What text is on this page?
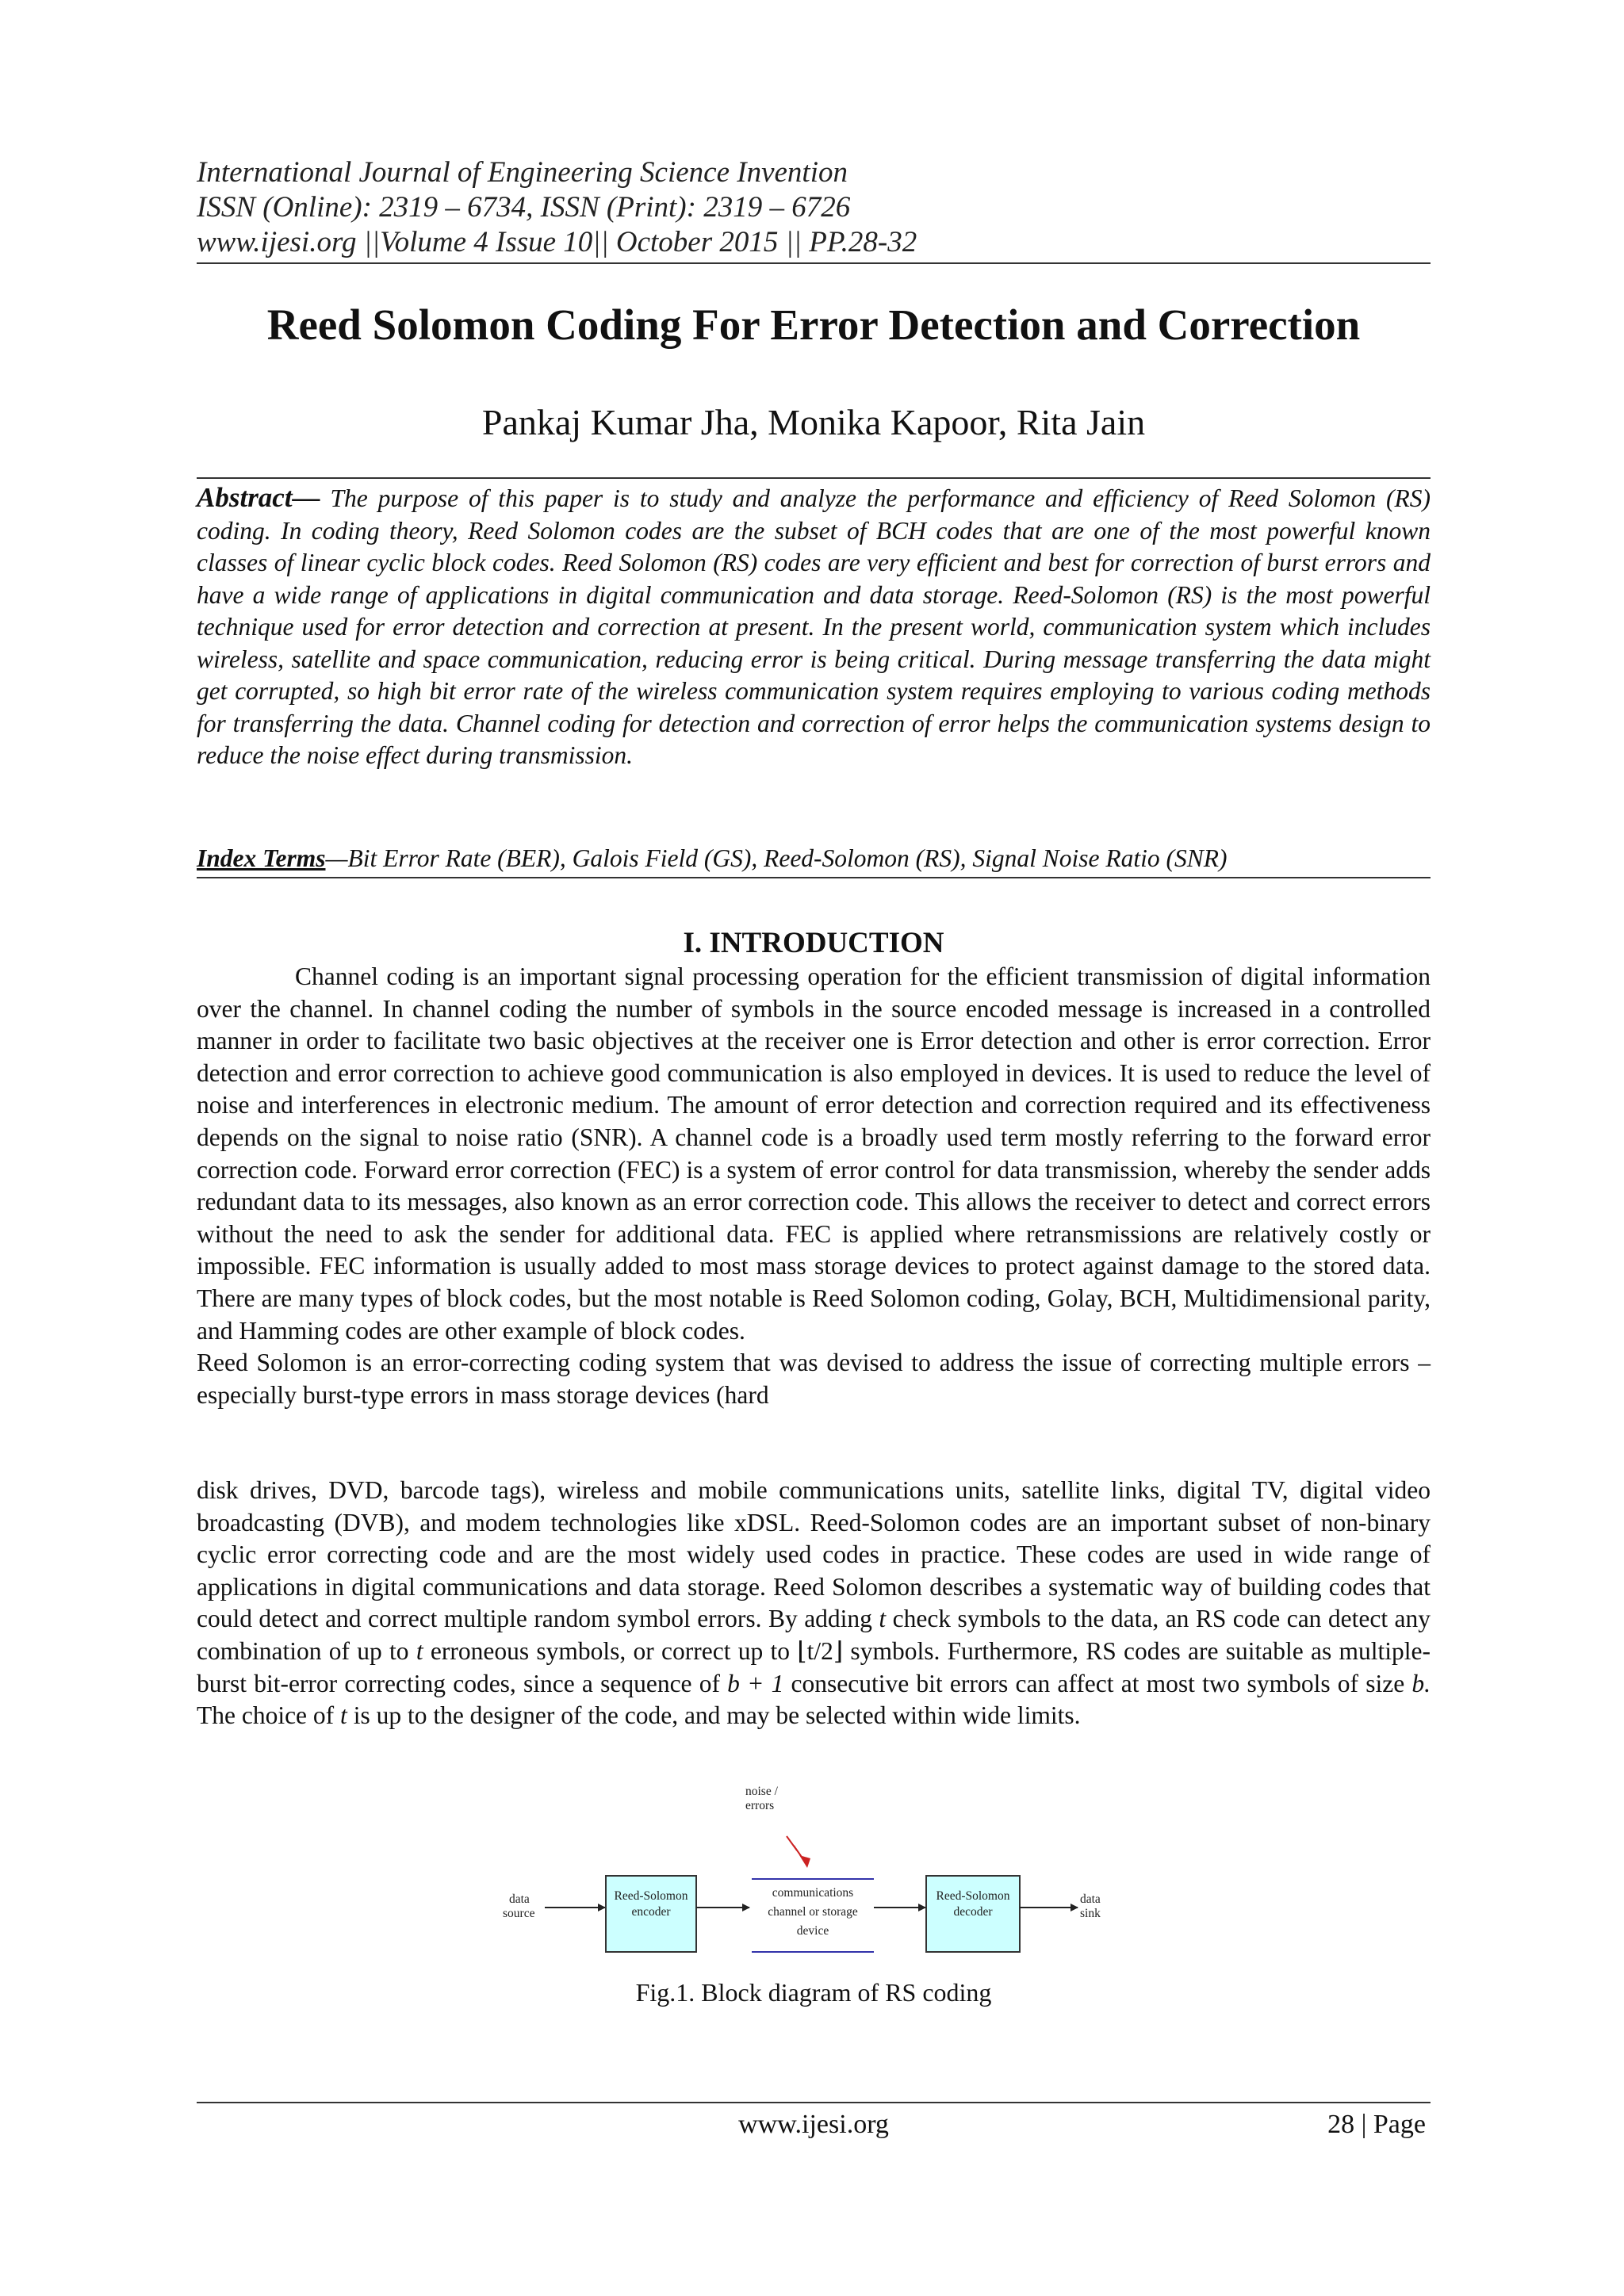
International Journal of Engineering Science Invention
ISSN (Online): 2319 – 6734, ISSN (Print): 2319 – 6726
www.ijesi.org ||Volume 4 Issue 10|| October 2015 || PP.28-32
Reed Solomon Coding For Error Detection and Correction
Pankaj Kumar Jha, Monika Kapoor, Rita Jain
Abstract— The purpose of this paper is to study and analyze the performance and efficiency of Reed Solomon (RS) coding. In coding theory, Reed Solomon codes are the subset of BCH codes that are one of the most powerful known classes of linear cyclic block codes. Reed Solomon (RS) codes are very efficient and best for correction of burst errors and have a wide range of applications in digital communication and data storage. Reed-Solomon (RS) is the most powerful technique used for error detection and correction at present. In the present world, communication system which includes wireless, satellite and space communication, reducing error is being critical. During message transferring the data might get corrupted, so high bit error rate of the wireless communication system requires employing to various coding methods for transferring the data. Channel coding for detection and correction of error helps the communication systems design to reduce the noise effect during transmission.
Index Terms—Bit Error Rate (BER), Galois Field (GS), Reed-Solomon (RS), Signal Noise Ratio (SNR)
I. INTRODUCTION

Channel coding is an important signal processing operation for the efficient transmission of digital information over the channel. In channel coding the number of symbols in the source encoded message is increased in a controlled manner in order to facilitate two basic objectives at the receiver one is Error detection and other is error correction. Error detection and error correction to achieve good communication is also employed in devices. It is used to reduce the level of noise and interferences in electronic medium. The amount of error detection and correction required and its effectiveness depends on the signal to noise ratio (SNR). A channel code is a broadly used term mostly referring to the forward error correction code. Forward error correction (FEC) is a system of error control for data transmission, whereby the sender adds redundant data to its messages, also known as an error correction code. This allows the receiver to detect and correct errors without the need to ask the sender for additional data. FEC is applied where retransmissions are relatively costly or impossible. FEC information is usually added to most mass storage devices to protect against damage to the stored data. There are many types of block codes, but the most notable is Reed Solomon coding, Golay, BCH, Multidimensional parity, and Hamming codes are other example of block codes.

Reed Solomon is an error-correcting coding system that was devised to address the issue of correcting multiple errors – especially burst-type errors in mass storage devices (hard

disk drives, DVD, barcode tags), wireless and mobile communications units, satellite links, digital TV, digital video broadcasting (DVB), and modem technologies like xDSL. Reed-Solomon codes are an important subset of non-binary cyclic error correcting code and are the most widely used codes in practice. These codes are used in wide range of applications in digital communications and data storage. Reed Solomon describes a systematic way of building codes that could detect and correct multiple random symbol errors. By adding t check symbols to the data, an RS code can detect any combination of up to t erroneous symbols, or correct up to ⌊t/2⌋ symbols. Furthermore, RS codes are suitable as multiple-burst bit-error correcting codes, since a sequence of b + 1 consecutive bit errors can affect at most two symbols of size b. The choice of t is up to the designer of the code, and may be selected within wide limits.

noise /
errors
data
source
Reed-Solomon
encoder
communications
channel or storage
device
Reed-Solomon
decoder
data
sink
Fig.1. Block diagram of RS coding
www.ijesi.org	28 | Page
